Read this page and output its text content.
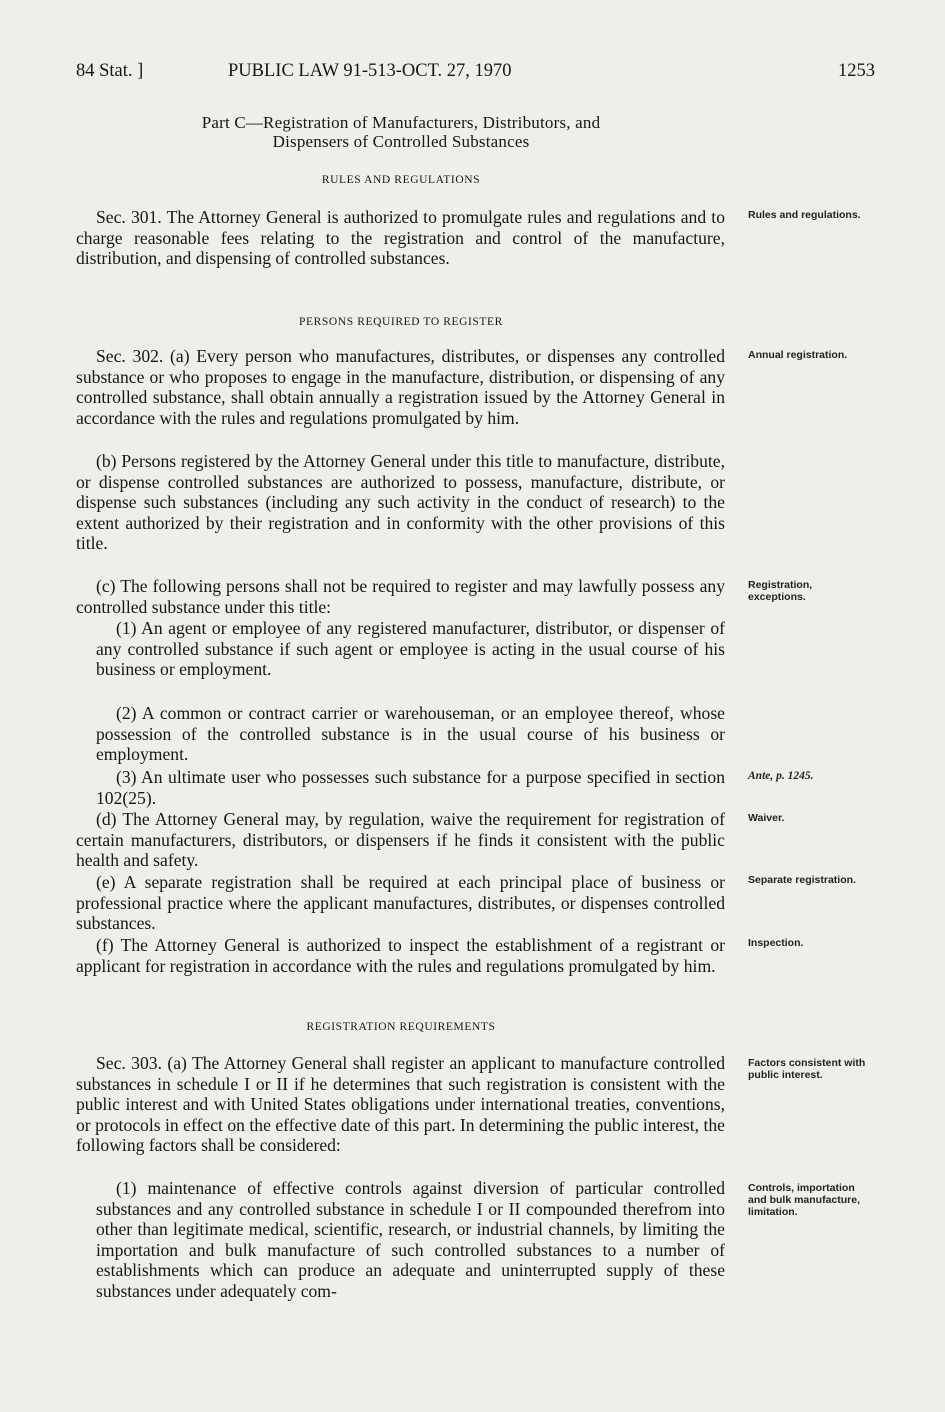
84 Stat. ]	PUBLIC LAW 91-513-OCT. 27, 1970	1253
Part C—Registration of Manufacturers, Distributors, and
Dispensers of Controlled Substances
RULES AND REGULATIONS

Sec. 301. The Attorney General is authorized to promulgate rules and regulations and to charge reasonable fees relating to the registration and control of the manufacture, distribution, and dispensing of controlled substances.

Rules and regulations.
PERSONS REQUIRED TO REGISTER

Sec. 302. (a) Every person who manufactures, distributes, or dispenses any controlled substance or who proposes to engage in the manufacture, distribution, or dispensing of any controlled substance, shall obtain annually a registration issued by the Attorney General in accordance with the rules and regulations promulgated by him.

Annual registration.

(b) Persons registered by the Attorney General under this title to manufacture, distribute, or dispense controlled substances are authorized to possess, manufacture, distribute, or dispense such substances (including any such activity in the conduct of research) to the extent authorized by their registration and in conformity with the other provisions of this title.

(c) The following persons shall not be required to register and may lawfully possess any controlled substance under this title:

Registration, exceptions.

(1) An agent or employee of any registered manufacturer, distributor, or dispenser of any controlled substance if such agent or employee is acting in the usual course of his business or employment.

(2) A common or contract carrier or warehouseman, or an employee thereof, whose possession of the controlled substance is in the usual course of his business or employment.

(3) An ultimate user who possesses such substance for a purpose specified in section 102(25).

Ante, p. 1245.

(d) The Attorney General may, by regulation, waive the requirement for registration of certain manufacturers, distributors, or dispensers if he finds it consistent with the public health and safety.

Waiver.

(e) A separate registration shall be required at each principal place of business or professional practice where the applicant manufactures, distributes, or dispenses controlled substances.

Separate registration.

(f) The Attorney General is authorized to inspect the establishment of a registrant or applicant for registration in accordance with the rules and regulations promulgated by him.

Inspection.
REGISTRATION REQUIREMENTS

Sec. 303. (a) The Attorney General shall register an applicant to manufacture controlled substances in schedule I or II if he determines that such registration is consistent with the public interest and with United States obligations under international treaties, conventions, or protocols in effect on the effective date of this part. In determining the public interest, the following factors shall be considered:

Factors consistent with public interest.

(1) maintenance of effective controls against diversion of particular controlled substances and any controlled substance in schedule I or II compounded therefrom into other than legitimate medical, scientific, research, or industrial channels, by limiting the importation and bulk manufacture of such controlled substances to a number of establishments which can produce an adequate and uninterrupted supply of these substances under adequately com-

Controls, importation and bulk manufacture, limitation.
